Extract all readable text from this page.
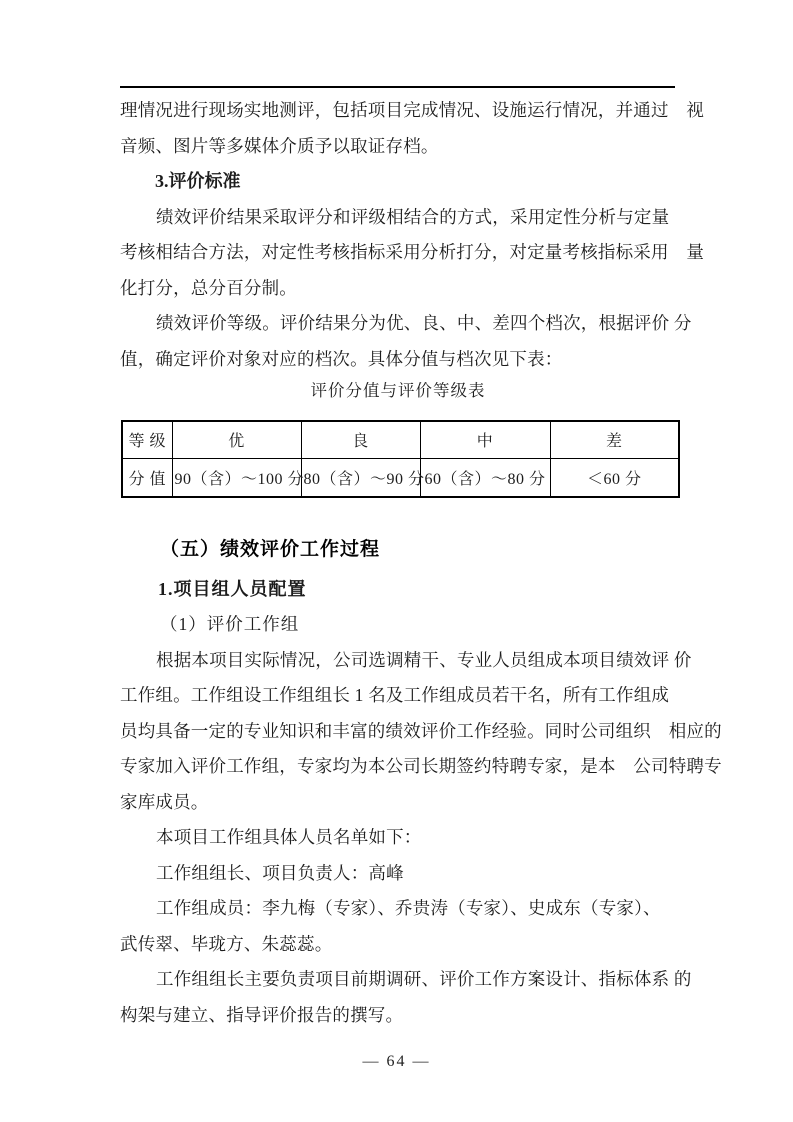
理情况进行现场实地测评，包括项目完成情况、设施运行情况，并通过　视
音频、图片等多媒体介质予以取证存档。
3.评价标准
绩效评价结果采取评分和评级相结合的方式，采用定性分析与定量
考核相结合方法，对定性考核指标采用分析打分，对定量考核指标采用　量
化打分，总分百分制。
绩效评价等级。评价结果分为优、良、中、差四个档次，根据评价 分
值，确定评价对象对应的档次。具体分值与档次见下表：
评价分值与评价等级表
等 级	优	良	中	差
分 值	90（含）～100 分	80（含）～90 分	60（含）～80 分	＜60 分
（五）绩效评价工作过程
1.项目组人员配置
（1）评价工作组
根据本项目实际情况，公司选调精干、专业人员组成本项目绩效评 价
工作组。工作组设工作组组长 1 名及工作组成员若干名，所有工作组成
员均具备一定的专业知识和丰富的绩效评价工作经验。同时公司组织　相应的
专家加入评价工作组，专家均为本公司长期签约特聘专家，是本　公司特聘专
家库成员。
本项目工作组具体人员名单如下：
工作组组长、项目负责人：高峰
工作组成员：李九梅（专家）、乔贵涛（专家）、史成东（专家）、
武传翠、毕珑方、朱蕊蕊。
工作组组长主要负责项目前期调研、评价工作方案设计、指标体系 的
构架与建立、指导评价报告的撰写。
— 64 —
